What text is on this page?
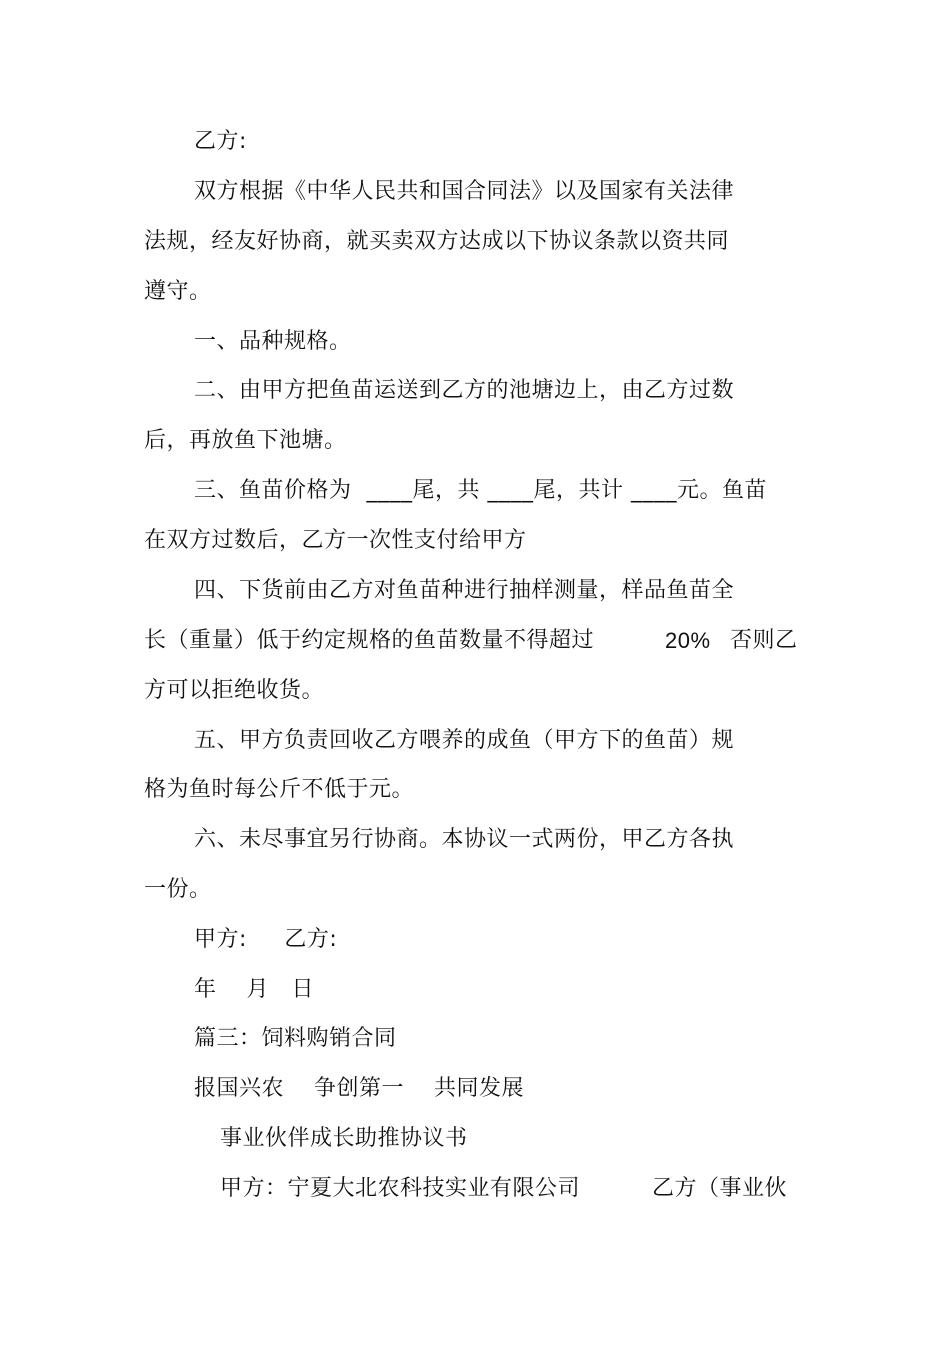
乙方:
双方根据《中华人民共和国合同法》以及国家有关法律
法规，经友好协商，就买卖双方达成以下协议条款以资共同
遵守。
一、品种规格。
二、由甲方把鱼苗运送到乙方的池塘边上，由乙方过数
后，再放鱼下池塘。
三、鱼苗价格为  ____尾，共 ____尾，共计 ____元。鱼苗
在双方过数后，乙方一次性支付给甲方
四、下货前由乙方对鱼苗种进行抽样测量，样品鱼苗全
长（重量）低于约定规格的鱼苗数量不得超过	20% 否则乙
方可以拒绝收货。
五、甲方负责回收乙方喂养的成鱼（甲方下的鱼苗）规
格为鱼时每公斤不低于元。
六、未尽事宜另行协商。本协议一式两份，甲乙方各执
一份。
甲方:     乙方:
年    月   日
篇三：饲料购销合同
报国兴农    争创第一    共同发展
事业伙伴成长助推协议书
甲方：宁夏大北农科技实业有限公司	乙方（事业伙
